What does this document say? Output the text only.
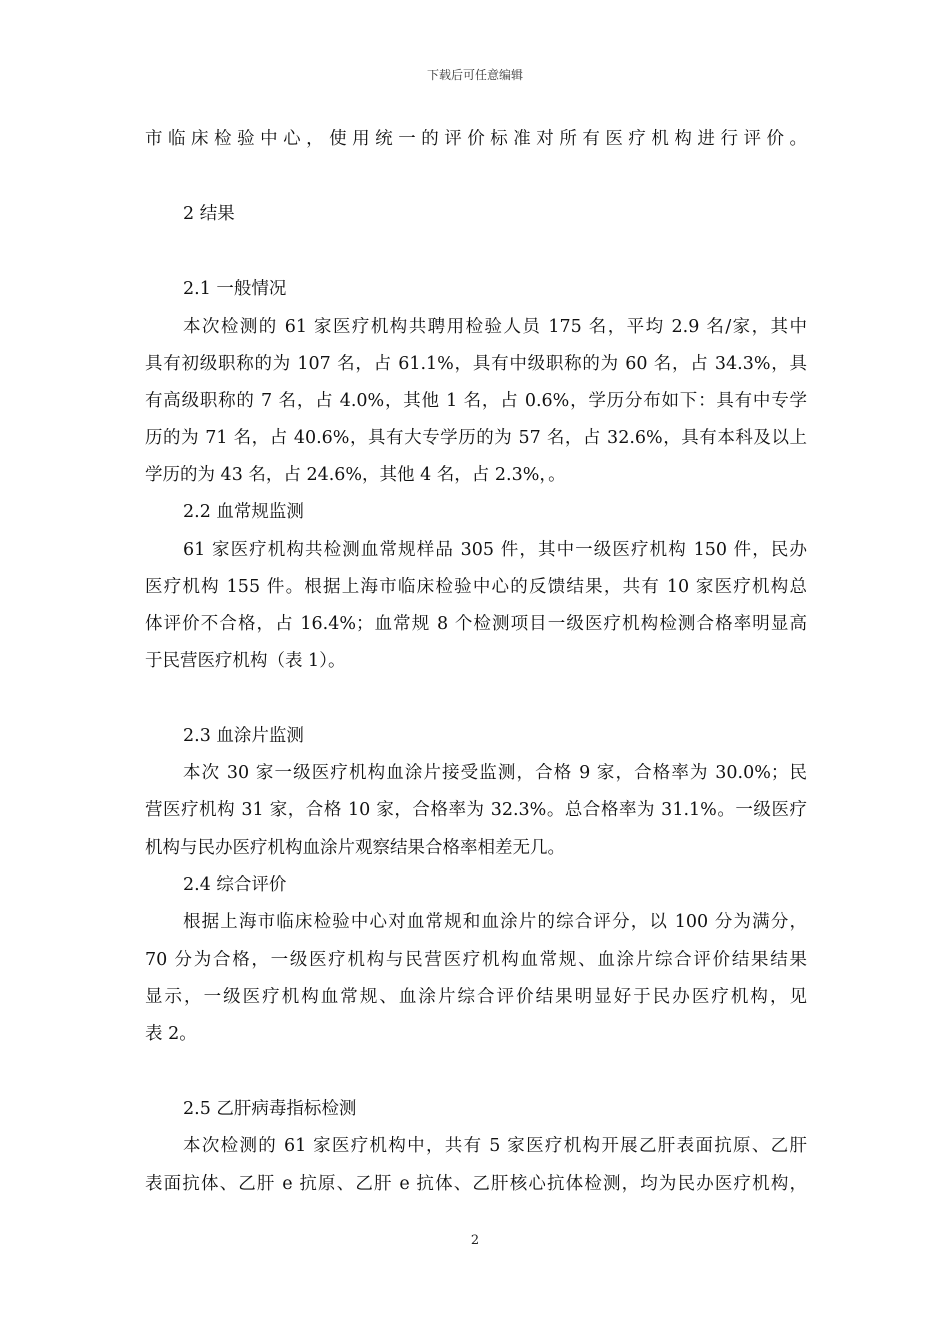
下载后可任意编辑
市临床检验中心，使用统一的评价标准对所有医疗机构进行评价。
2 结果
2.1 一般情况
本次检测的 61 家医疗机构共聘用检验人员 175 名，平均 2.9 名/家，其中
具有初级职称的为 107 名，占 61.1%，具有中级职称的为 60 名，占 34.3%，具
有高级职称的 7 名，占 4.0%，其他 1 名，占 0.6%，学历分布如下：具有中专学
历的为 71 名，占 40.6%，具有大专学历的为 57 名，占 32.6%，具有本科及以上
学历的为 43 名，占 24.6%，其他 4 名，占 2.3%，。
2.2 血常规监测
61 家医疗机构共检测血常规样品 305 件，其中一级医疗机构 150 件，民办
医疗机构 155 件。根据上海市临床检验中心的反馈结果，共有 10 家医疗机构总
体评价不合格，占 16.4%；血常规 8 个检测项目一级医疗机构检测合格率明显高
于民营医疗机构（表 1）。
2.3 血涂片监测
本次 30 家一级医疗机构血涂片接受监测，合格 9 家，合格率为 30.0%；民
营医疗机构 31 家，合格 10 家，合格率为 32.3%。总合格率为 31.1%。一级医疗
机构与民办医疗机构血涂片观察结果合格率相差无几。
2.4 综合评价
根据上海市临床检验中心对血常规和血涂片的综合评分，以 100 分为满分，
70 分为合格，一级医疗机构与民营医疗机构血常规、血涂片综合评价结果结果
显示，一级医疗机构血常规、血涂片综合评价结果明显好于民办医疗机构，见
表 2。
2.5 乙肝病毒指标检测
本次检测的 61 家医疗机构中，共有 5 家医疗机构开展乙肝表面抗原、乙肝
表面抗体、乙肝 e 抗原、乙肝 e 抗体、乙肝核心抗体检测，均为民办医疗机构，
2
